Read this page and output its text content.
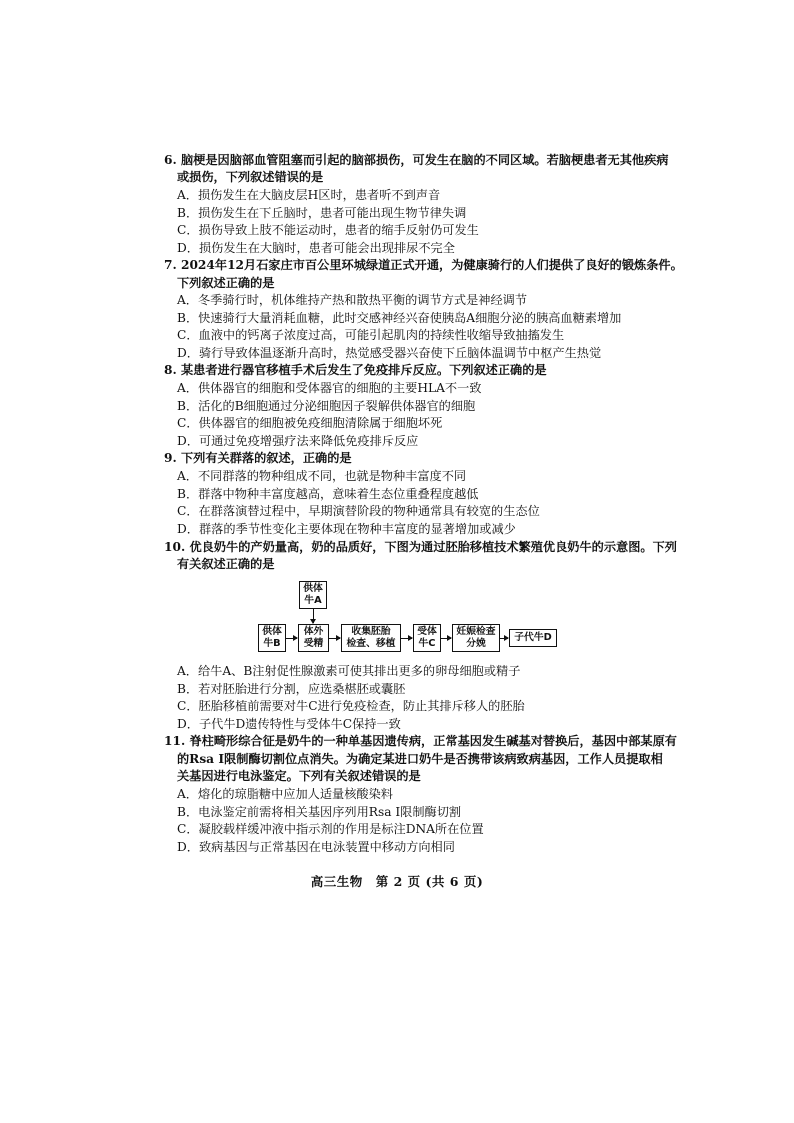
6. 脑梗是因脑部血管阻塞而引起的脑部损伤，可发生在脑的不同区域。若脑梗患者无其他疾病
或损伤，下列叙述错误的是
A．损伤发生在大脑皮层H区时，患者听不到声音
B．损伤发生在下丘脑时，患者可能出现生物节律失调
C．损伤导致上肢不能运动时，患者的缩手反射仍可发生
D．损伤发生在大脑时，患者可能会出现排尿不完全
7. 2024年12月石家庄市百公里环城绿道正式开通，为健康骑行的人们提供了良好的锻炼条件。
下列叙述正确的是
A．冬季骑行时，机体维持产热和散热平衡的调节方式是神经调节
B．快速骑行大量消耗血糖，此时交感神经兴奋使胰岛A细胞分泌的胰高血糖素增加
C．血液中的钙离子浓度过高，可能引起肌肉的持续性收缩导致抽搐发生
D．骑行导致体温逐渐升高时，热觉感受器兴奋使下丘脑体温调节中枢产生热觉
8. 某患者进行器官移植手术后发生了免疫排斥反应。下列叙述正确的是
A．供体器官的细胞和受体器官的细胞的主要HLA不一致
B．活化的B细胞通过分泌细胞因子裂解供体器官的细胞
C．供体器官的细胞被免疫细胞清除属于细胞坏死
D．可通过免疫增强疗法来降低免疫排斥反应
9. 下列有关群落的叙述，正确的是
A．不同群落的物种组成不同，也就是物种丰富度不同
B．群落中物种丰富度越高，意味着生态位重叠程度越低
C．在群落演替过程中，早期演替阶段的物种通常具有较宽的生态位
D．群落的季节性变化主要体现在物种丰富度的显著增加或减少
10. 优良奶牛的产奶量高，奶的品质好，下图为通过胚胎移植技术繁殖优良奶牛的示意图。下列
有关叙述正确的是
供体
牛A
供体
牛B
体外
受精
收集胚胎
检查、移植
受体
牛C
妊娠检查
分娩
子代牛D
A．给牛A、B注射促性腺激素可使其排出更多的卵母细胞或精子
B．若对胚胎进行分割，应选桑椹胚或囊胚
C．胚胎移植前需要对牛C进行免疫检查，防止其排斥移人的胚胎
D．子代牛D遗传特性与受体牛C保持一致
11. 脊柱畸形综合征是奶牛的一种单基因遗传病，正常基因发生碱基对替换后，基因中部某原有
的Rsa Ⅰ限制酶切割位点消失。为确定某进口奶牛是否携带该病致病基因，工作人员提取相
关基因进行电泳鉴定。下列有关叙述错误的是
A．熔化的琼脂糖中应加人适量核酸染料
B．电泳鉴定前需将相关基因序列用Rsa Ⅰ限制酶切割
C．凝胶载样缓冲液中指示剂的作用是标注DNA所在位置
D．致病基因与正常基因在电泳装置中移动方向相同
高三生物　第 2 页 (共 6 页)
